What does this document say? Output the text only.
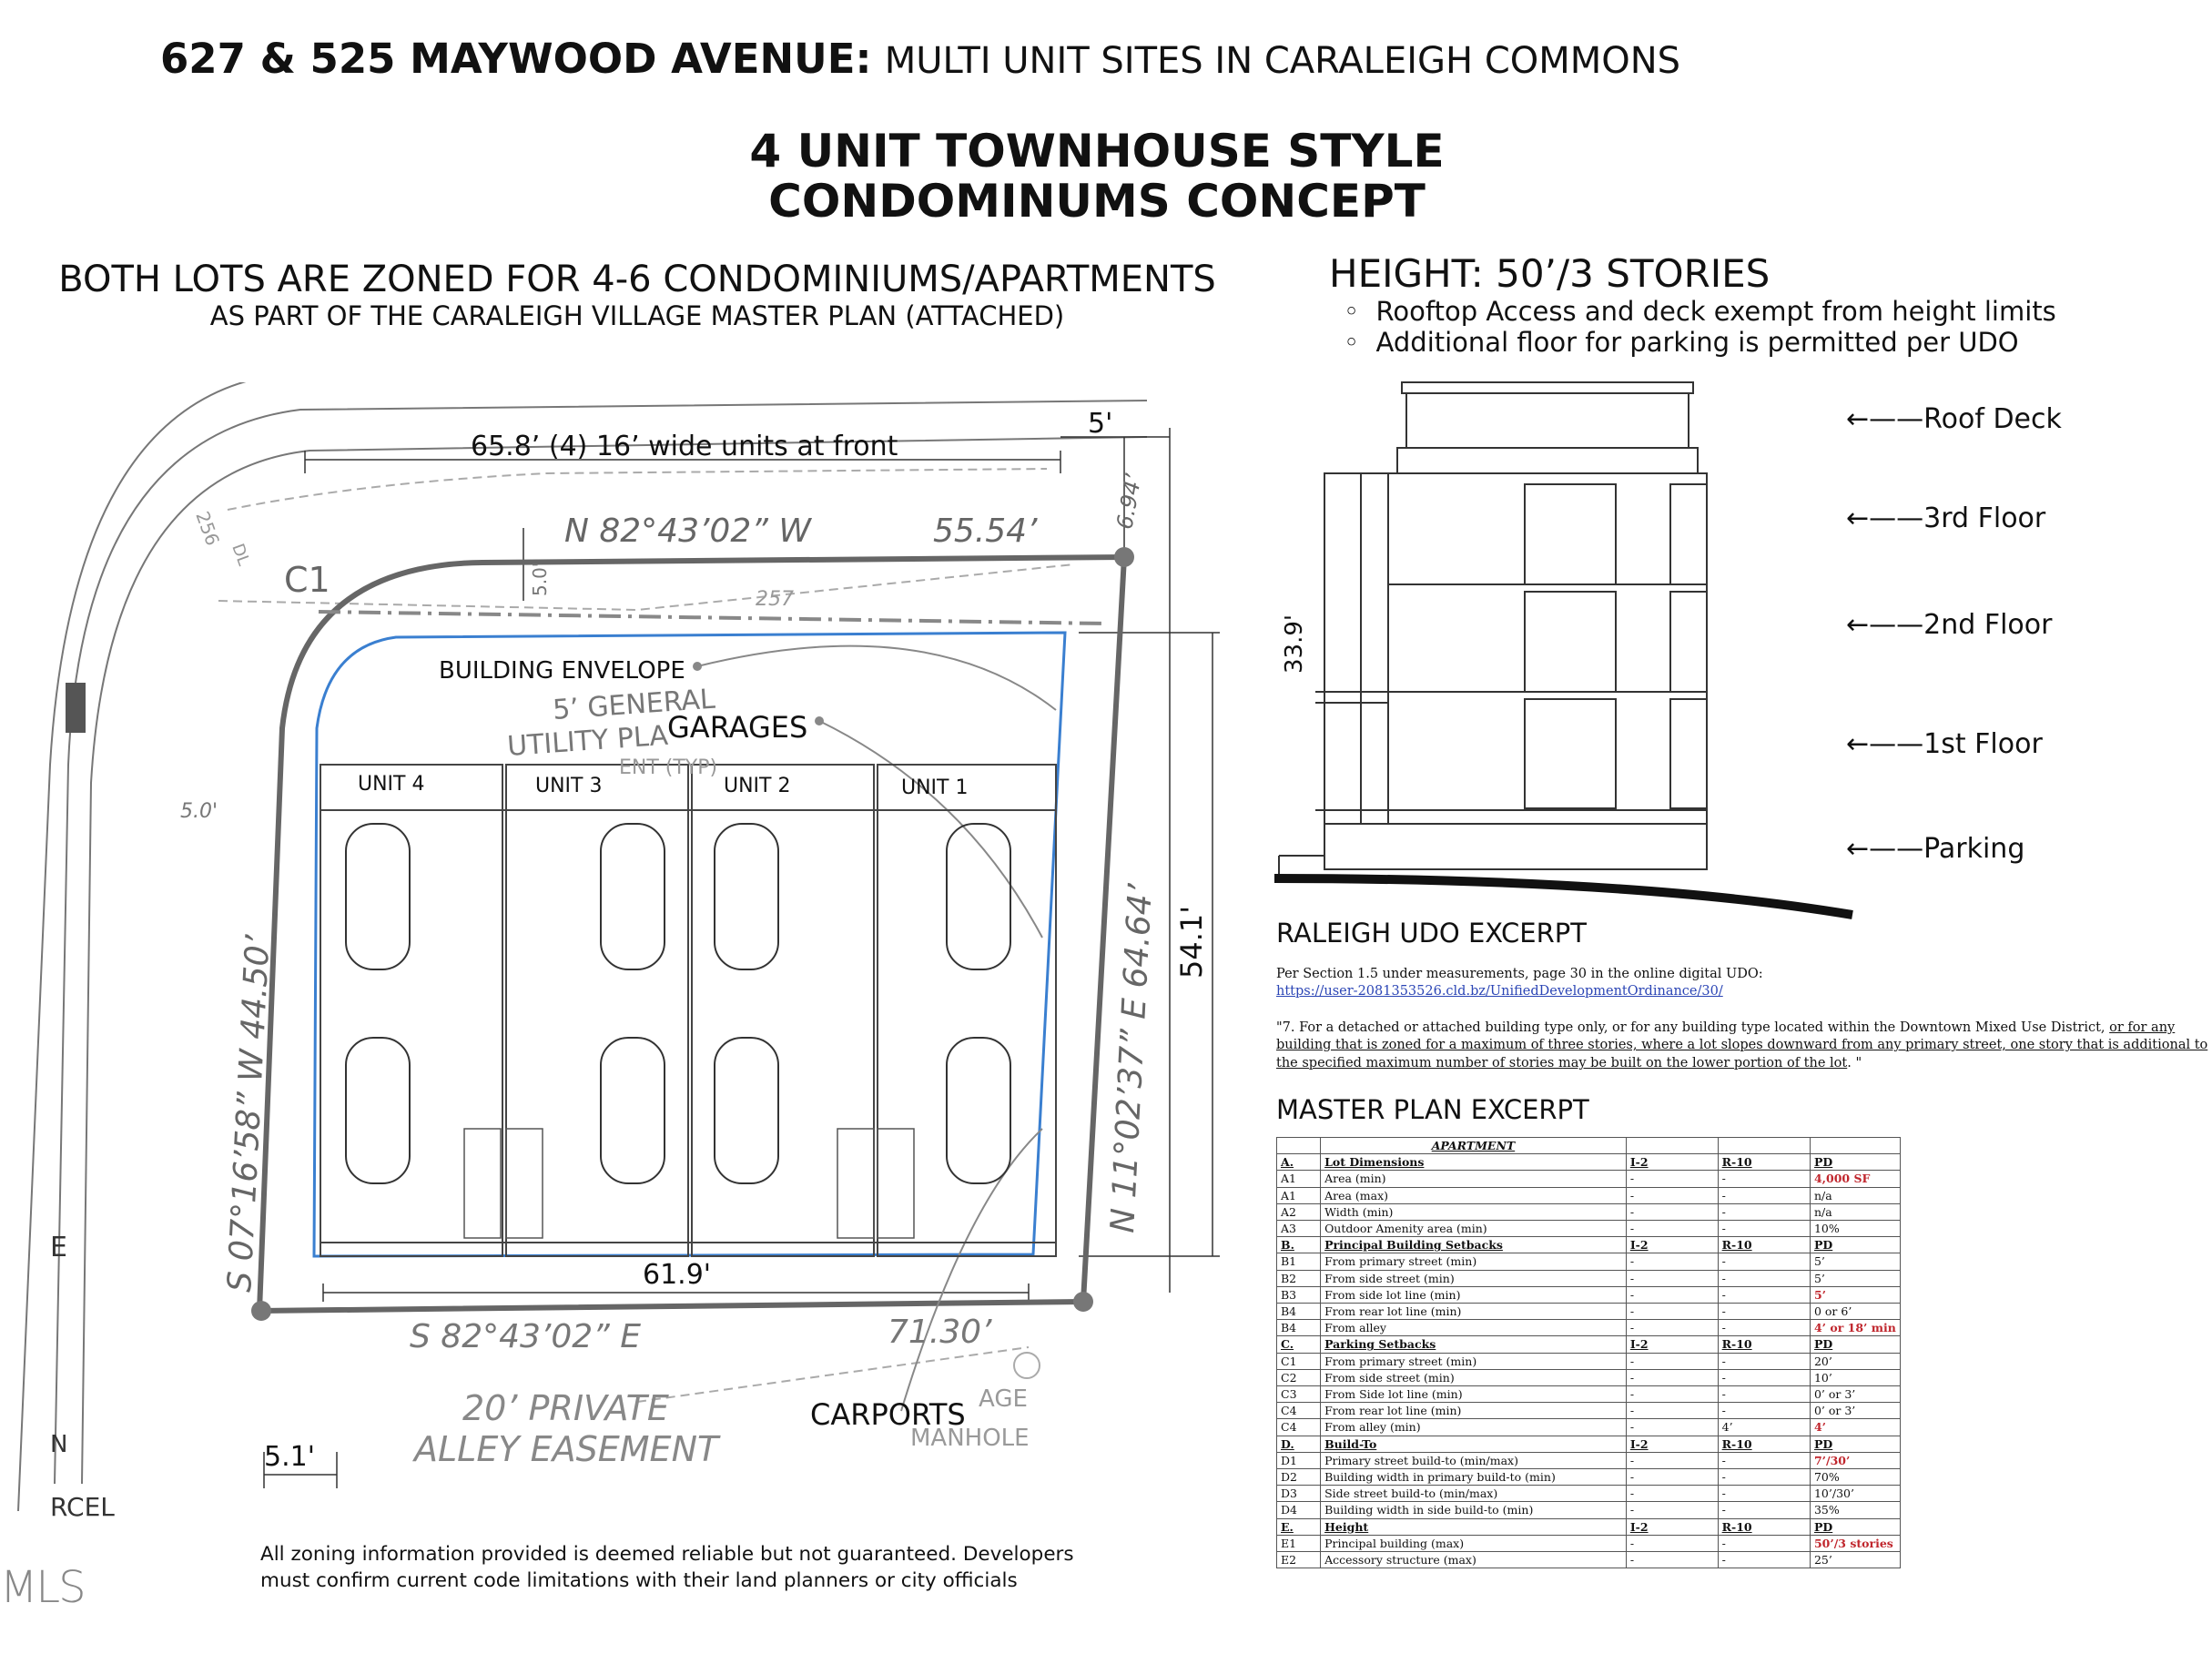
627 & 525 MAYWOOD AVENUE: MULTI UNIT SITES IN CARALEIGH COMMONS
4 UNIT TOWNHOUSE STYLE
CONDOMINUMS CONCEPT
BOTH LOTS ARE ZONED FOR 4-6 CONDOMINIUMS/APARTMENTS
AS PART OF THE CARALEIGH VILLAGE MASTER PLAN (ATTACHED)
HEIGHT: 50’/3 STORIES
◦  Rooftop Access and deck exempt from height limits
◦  Additional floor for parking is permitted per UDO
65.8’ (4) 16’ wide units at front
5'
N 82°43’02” W	55.54’
6.94’
C1	5.0'
257
256
DL
BUILDING ENVELOPE
5’ GENERAL
UTILITY PLA
ENT (TYP)
GARAGES
UNIT 4	UNIT 3	UNIT 2	UNIT 1
5.0'
S 07°16’58” W 44.50’	N 11°02’37” E 64.64’ 54.1'
61.9'
S 82°43’02” E	71.30’
20’ PRIVATE
ALLEY EASEMENT
CARPORTS AGE
MANHOLE
5.1'
E
N
RCEL
33.9'
←——Roof Deck
←——3rd Floor
←——2nd Floor
←——1st Floor
←——Parking
RALEIGH UDO EXCERPT
Per Section 1.5 under measurements, page 30 in the online digital UDO:
https://user-2081353526.cld.bz/UnifiedDevelopmentOrdinance/30/
"7. For a detached or attached building type only, or for any building type located within the Downtown Mixed Use District, or for any
building that is zoned for a maximum of three stories, where a lot slopes downward from any primary street, one story that is additional to
the specified maximum number of stories may be built on the lower portion of the lot. "
MASTER PLAN EXCERPT
	APARTMENT			
A.	Lot Dimensions	I-2	R-10	PD
A1	Area (min)	-	-	4,000 SF
A1	Area (max)	-	-	n/a
A2	Width (min)	-	-	n/a
A3	Outdoor Amenity area (min)	-	-	10%
B.	Principal Building Setbacks	I-2	R-10	PD
B1	From primary street (min)	-	-	5’
B2	From side street (min)	-	-	5’
B3	From side lot line (min)	-	-	5’
B4	From rear lot line (min)	-	-	0 or 6’
B4	From alley	-	-	4’ or 18’ min
C.	Parking Setbacks	I-2	R-10	PD
C1	From primary street (min)	-	-	20’
C2	From side street (min)	-	-	10’
C3	From Side lot line (min)	-	-	0’ or 3’
C4	From rear lot line (min)	-	-	0’ or 3’
C4	From alley (min)	-	4’	4’
D.	Build-To	I-2	R-10	PD
D1	Primary street build-to (min/max)	-	-	7’/30’
D2	Building width in primary build-to (min)	-	-	70%
D3	Side street build-to (min/max)	-	-	10’/30’
D4	Building width in side build-to (min)	-	-	35%
E.	Height	I-2	R-10	PD
E1	Principal building (max)	-	-	50’/3 stories
E2	Accessory structure (max)	-	-	25’
All zoning information provided is deemed reliable but not guaranteed. Developers
must confirm current code limitations with their land planners or city officials
MLS
